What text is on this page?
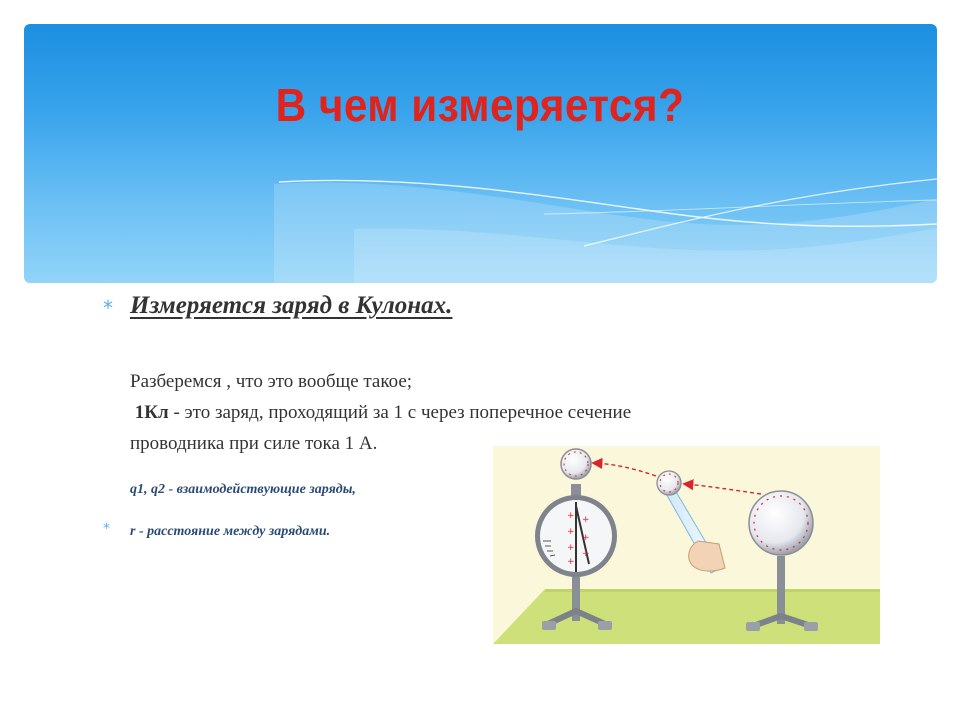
В чем измеряется?
* Измеряется заряд в Кулонах.
Разберемся , что это вообще такое;
1Кл - это заряд, проходящий за 1 с через поперечное сечение
проводника при силе тока 1 А.
q1, q2 - взаимодействующие заряды,
* r - расстояние между зарядами.
+ +
+
+
+
+
+
